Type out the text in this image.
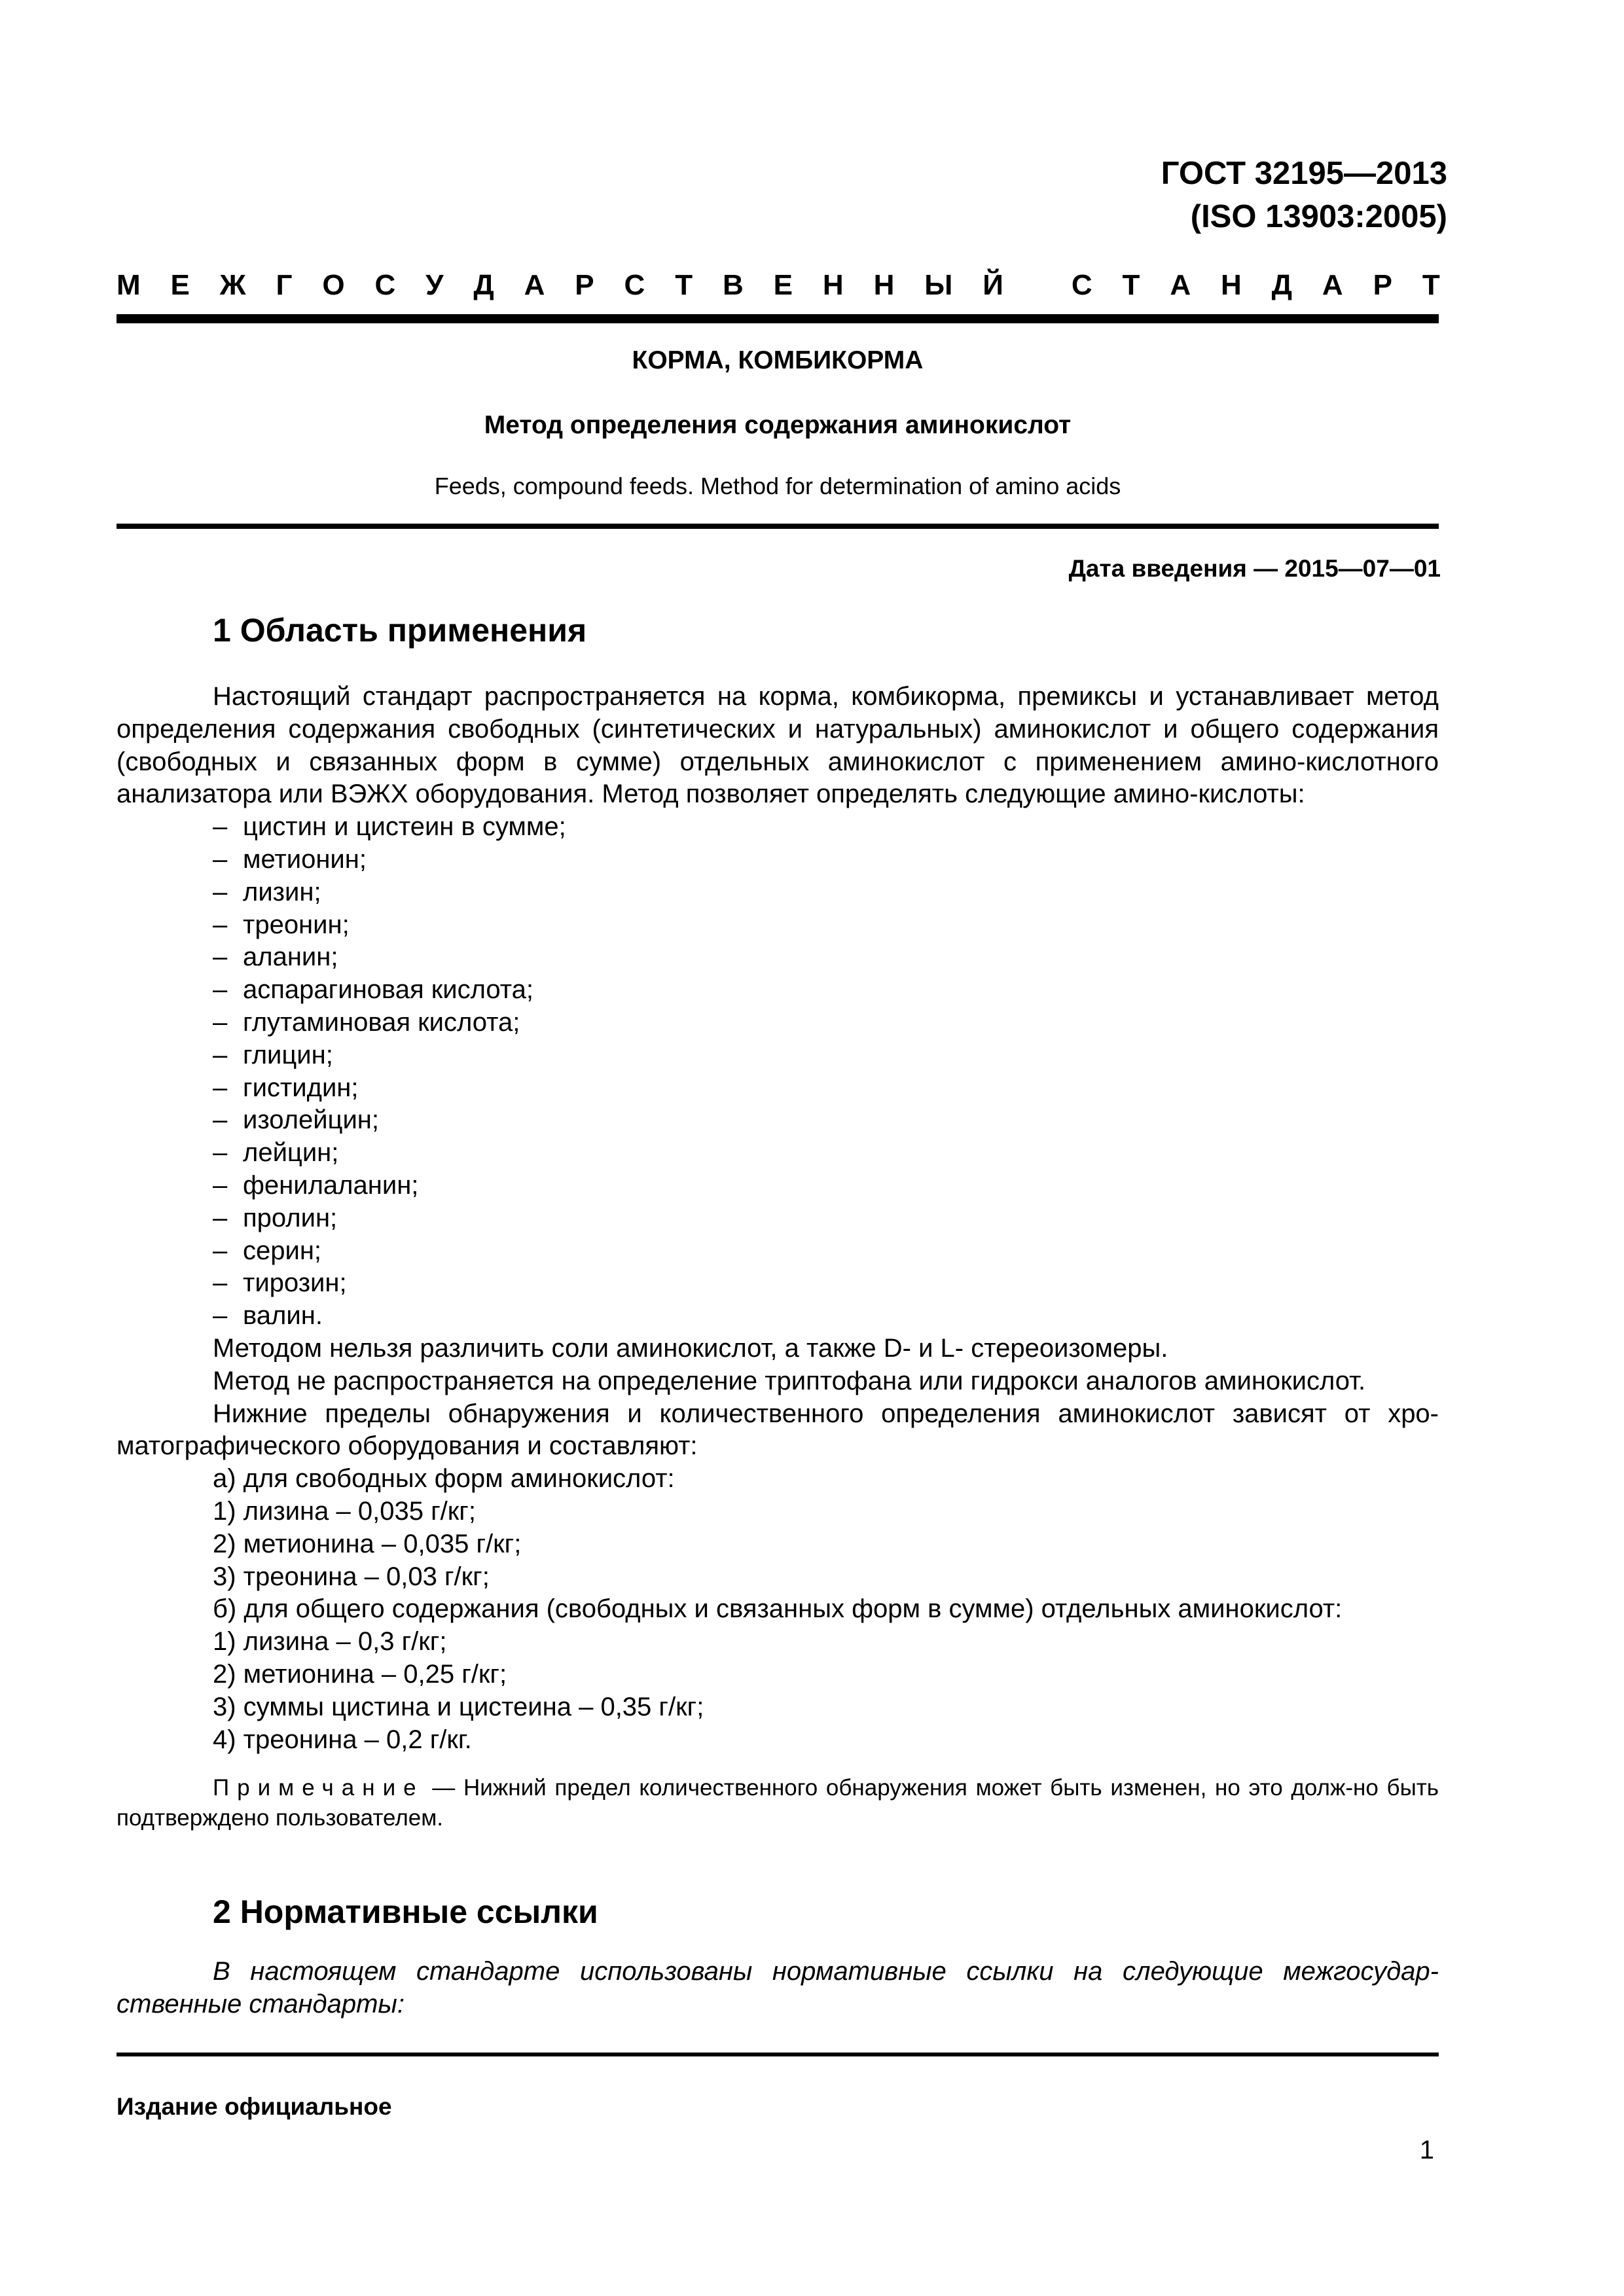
ГОСТ 32195—2013
(ISO 13903:2005)
М Е Ж Г О С У Д А Р С Т В Е Н Н Ы Й
С Т А Н Д А Р Т
КОРМА, КОМБИКОРМА
Метод определения содержания аминокислот
Feeds, compound feeds. Method for determination of amino acids
Дата введения — 2015—07—01
1 Область применения
Настоящий стандарт распространяется на корма, комбикорма, премиксы и устанавливает метод определения содержания свободных (синтетических и натуральных) аминокислот и общего содержания (свободных и связанных форм в сумме) отдельных аминокислот с применением амино-кислотного анализатора или ВЭЖХ оборудования. Метод позволяет определять следующие амино-кислоты:
– цистин и цистеин в сумме;
– метионин;
– лизин;
– треонин;
– аланин;
– аспарагиновая кислота;
– глутаминовая кислота;
– глицин;
– гистидин;
– изолейцин;
– лейцин;
– фенилаланин;
– пролин;
– серин;
– тирозин;
– валин.
Методом нельзя различить соли аминокислот, а также D- и L- стереоизомеры.
Метод не распространяется на определение триптофана или гидрокси аналогов аминокислот.
Нижние пределы обнаружения и количественного определения аминокислот зависят от хро-матографического оборудования и составляют:
а) для свободных форм аминокислот:
1) лизина – 0,035 г/кг;
2) метионина – 0,035 г/кг;
3) треонина – 0,03 г/кг;
б) для общего содержания (свободных и связанных форм в сумме) отдельных аминокислот:
1) лизина – 0,3 г/кг;
2) метионина – 0,25 г/кг;
3) суммы цистина и цистеина – 0,35 г/кг;
4) треонина – 0,2 г/кг.
Примечание — Нижний предел количественного обнаружения может быть изменен, но это долж-но быть подтверждено пользователем.
2 Нормативные ссылки
В настоящем стандарте использованы нормативные ссылки на следующие межгосудар-ственные стандарты:
Издание официальное
1
